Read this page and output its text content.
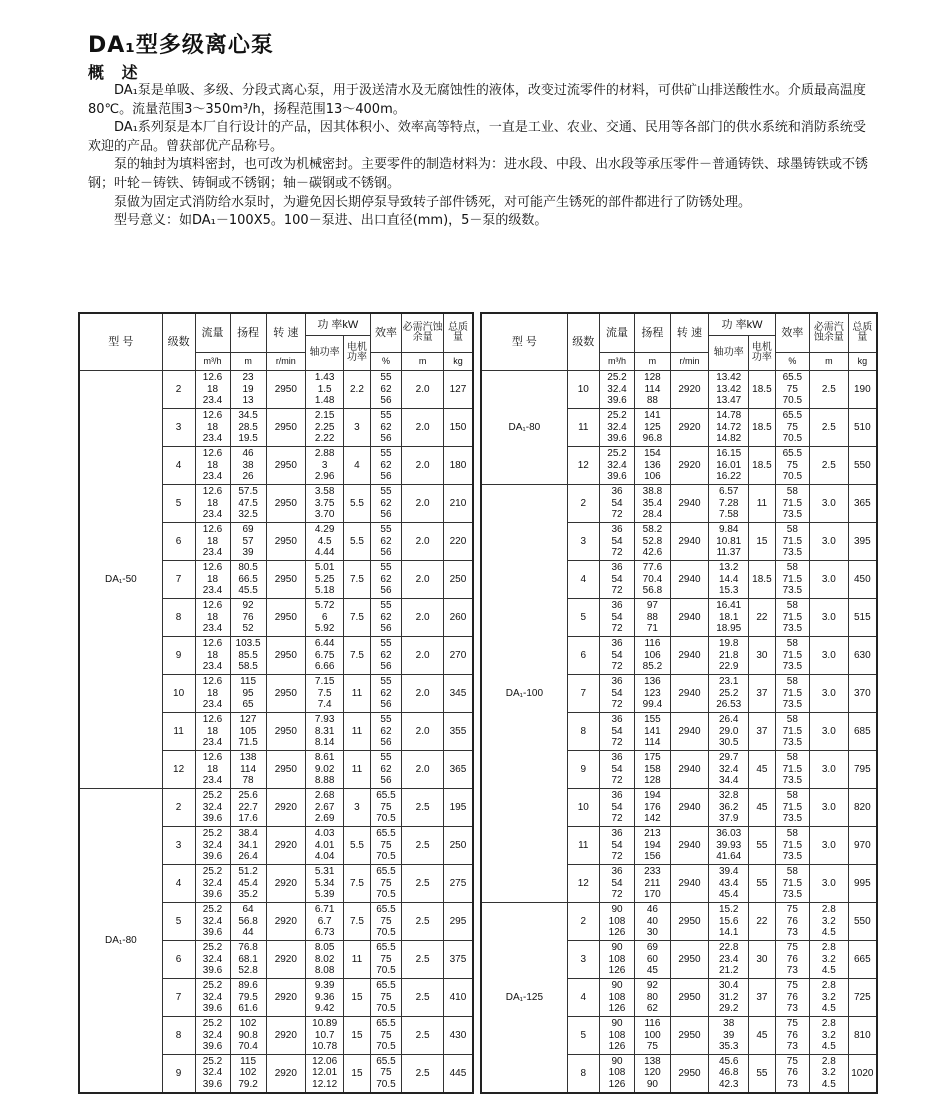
DA₁型多级离心泵
概 述

DA₁泵是单吸、多级、分段式离心泵，用于汲送清水及无腐蚀性的液体，改变过流零件的材料，可供矿山排送酸性水。介质最高温度80℃。流量范围3～350m³/h，扬程范围13～400m。

DA₁系列泵是本厂自行设计的产品，因其体积小、效率高等特点，一直是工业、农业、交通、民用等各部门的供水系统和消防系统受欢迎的产品。曾获部优产品称号。

泵的轴封为填料密封，也可改为机械密封。主要零件的制造材料为：进水段、中段、出水段等承压零件－普通铸铁、球墨铸铁或不锈钢；叶轮－铸铁、铸铜或不锈钢；轴－碳钢或不锈钢。

泵做为固定式消防给水泵时，为避免因长期停泵导致转子部件锈死，对可能产生锈死的部件都进行了防锈处理。

型号意义：如DA₁－100X5。100－泵进、出口直径(mm)，5－泵的级数。

型 号	级数	流量	扬程	转 速	功 率kW		效率	必需汽蚀余量	总质量
					轴功率	电机功率			
		m³/h	m	r/min			%	m	kg
DA₁-50	2	12.6
18
23.4	23
19
13	2950	1.43
1.5
1.48	2.2	55
62
56	2.0	127
	3	12.6
18
23.4	34.5
28.5
19.5	2950	2.15
2.25
2.22	3	55
62
56	2.0	150
	4	12.6
18
23.4	46
38
26	2950	2.88
3
2.96	4	55
62
56	2.0	180
	5	12.6
18
23.4	57.5
47.5
32.5	2950	3.58
3.75
3.70	5.5	55
62
56	2.0	210
	6	12.6
18
23.4	69
57
39	2950	4.29
4.5
4.44	5.5	55
62
56	2.0	220
	7	12.6
18
23.4	80.5
66.5
45.5	2950	5.01
5.25
5.18	7.5	55
62
56	2.0	250
	8	12.6
18
23.4	92
76
52	2950	5.72
6
5.92	7.5	55
62
56	2.0	260
	9	12.6
18
23.4	103.5
85.5
58.5	2950	6.44
6.75
6.66	7.5	55
62
56	2.0	270
	10	12.6
18
23.4	115
95
65	2950	7.15
7.5
7.4	11	55
62
56	2.0	345
	11	12.6
18
23.4	127
105
71.5	2950	7.93
8.31
8.14	11	55
62
56	2.0	355
	12	12.6
18
23.4	138
114
78	2950	8.61
9.02
8.88	11	55
62
56	2.0	365
DA₁-80	2	25.2
32.4
39.6	25.6
22.7
17.6	2920	2.68
2.67
2.69	3	65.5
75
70.5	2.5	195
	3	25.2
32.4
39.6	38.4
34.1
26.4	2920	4.03
4.01
4.04	5.5	65.5
75
70.5	2.5	250
	4	25.2
32.4
39.6	51.2
45.4
35.2	2920	5.31
5.34
5.39	7.5	65.5
75
70.5	2.5	275
	5	25.2
32.4
39.6	64
56.8
44	2920	6.71
6.7
6.73	7.5	65.5
75
70.5	2.5	295
	6	25.2
32.4
39.6	76.8
68.1
52.8	2920	8.05
8.02
8.08	11	65.5
75
70.5	2.5	375
	7	25.2
32.4
39.6	89.6
79.5
61.6	2920	9.39
9.36
9.42	15	65.5
75
70.5	2.5	410
	8	25.2
32.4
39.6	102
90.8
70.4	2920	10.89
10.7
10.78	15	65.5
75
70.5	2.5	430
	9	25.2
32.4
39.6	115
102
79.2	2920	12.06
12.01
12.12	15	65.5
75
70.5	2.5	445
型 号	级数	流量	扬程	转 速	功 率kW		效率	必需汽蚀余量	总质量
					轴功率	电机功率			
		m³/h	m	r/min			%	m	kg
DA₁-80	10	25.2
32.4
39.6	128
114
88	2920	13.42
13.42
13.47	18.5	65.5
75
70.5	2.5	190
	11	25.2
32.4
39.6	141
125
96.8	2920	14.78
14.72
14.82	18.5	65.5
75
70.5	2.5	510
	12	25.2
32.4
39.6	154
136
106	2920	16.15
16.01
16.22	18.5	65.5
75
70.5	2.5	550
DA₁-100	2	36
54
72	38.8
35.4
28.4	2940	6.57
7.28
7.58	11	58
71.5
73.5	3.0	365
	3	36
54
72	58.2
52.8
42.6	2940	9.84
10.81
11.37	15	58
71.5
73.5	3.0	395
	4	36
54
72	77.6
70.4
56.8	2940	13.2
14.4
15.3	18.5	58
71.5
73.5	3.0	450
	5	36
54
72	97
88
71	2940	16.41
18.1
18.95	22	58
71.5
73.5	3.0	515
	6	36
54
72	116
106
85.2	2940	19.8
21.8
22.9	30	58
71.5
73.5	3.0	630
	7	36
54
72	136
123
99.4	2940	23.1
25.2
26.53	37	58
71.5
73.5	3.0	370
	8	36
54
72	155
141
114	2940	26.4
29.0
30.5	37	58
71.5
73.5	3.0	685
	9	36
54
72	175
158
128	2940	29.7
32.4
34.4	45	58
71.5
73.5	3.0	795
	10	36
54
72	194
176
142	2940	32.8
36.2
37.9	45	58
71.5
73.5	3.0	820
	11	36
54
72	213
194
156	2940	36.03
39.93
41.64	55	58
71.5
73.5	3.0	970
	12	36
54
72	233
211
170	2940	39.4
43.4
45.4	55	58
71.5
73.5	3.0	995
DA₁-125	2	90
108
126	46
40
30	2950	15.2
15.6
14.1	22	75
76
73	2.8
3.2
4.5	550
	3	90
108
126	69
60
45	2950	22.8
23.4
21.2	30	75
76
73	2.8
3.2
4.5	665
	4	90
108
126	92
80
62	2950	30.4
31.2
29.2	37	75
76
73	2.8
3.2
4.5	725
	5	90
108
126	116
100
75	2950	38
39
35.3	45	75
76
73	2.8
3.2
4.5	810
	8	90
108
126	138
120
90	2950	45.6
46.8
42.3	55	75
76
73	2.8
3.2
4.5	1020
